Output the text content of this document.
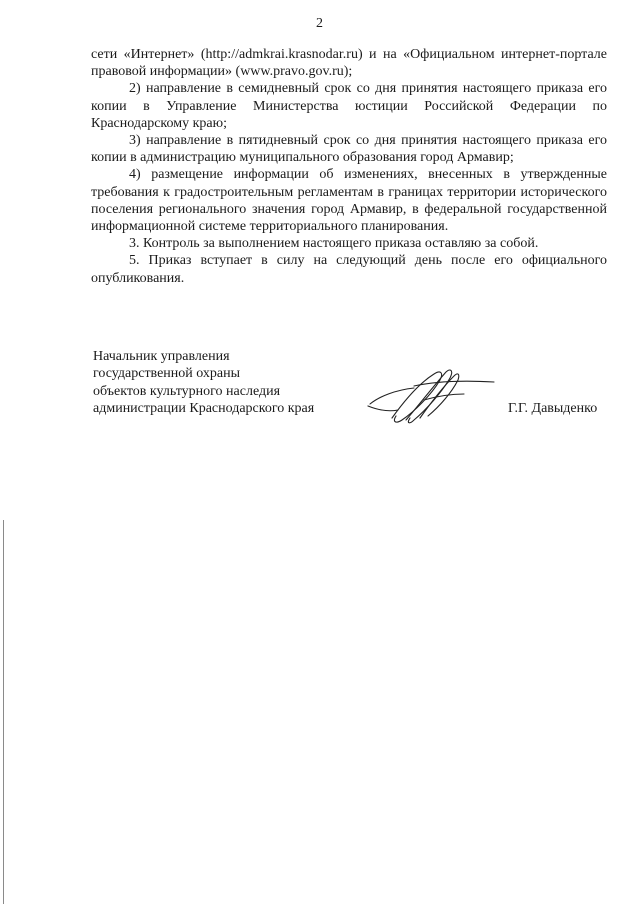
2

сети «Интернет» (http://admkrai.krasnodar.ru) и на «Официальном интернет-портале правовой информации» (www.pravo.gov.ru);

2) направление в семидневный срок со дня принятия настоящего приказа его копии в Управление Министерства юстиции Российской Федерации по Краснодарскому краю;

3) направление в пятидневный срок со дня принятия настоящего приказа его копии в администрацию муниципального образования город Армавир;

4) размещение информации об изменениях, внесенных в утвержденные требования к градостроительным регламентам в границах территории исторического поселения регионального значения город Армавир, в федеральной государственной информационной системе территориального планирования.

3. Контроль за выполнением настоящего приказа оставляю за собой.

5. Приказ вступает в силу на следующий день после его официального опубликования.

Начальник управления
государственной охраны
объектов культурного наследия
администрации Краснодарского края	Г.Г. Давыденко
